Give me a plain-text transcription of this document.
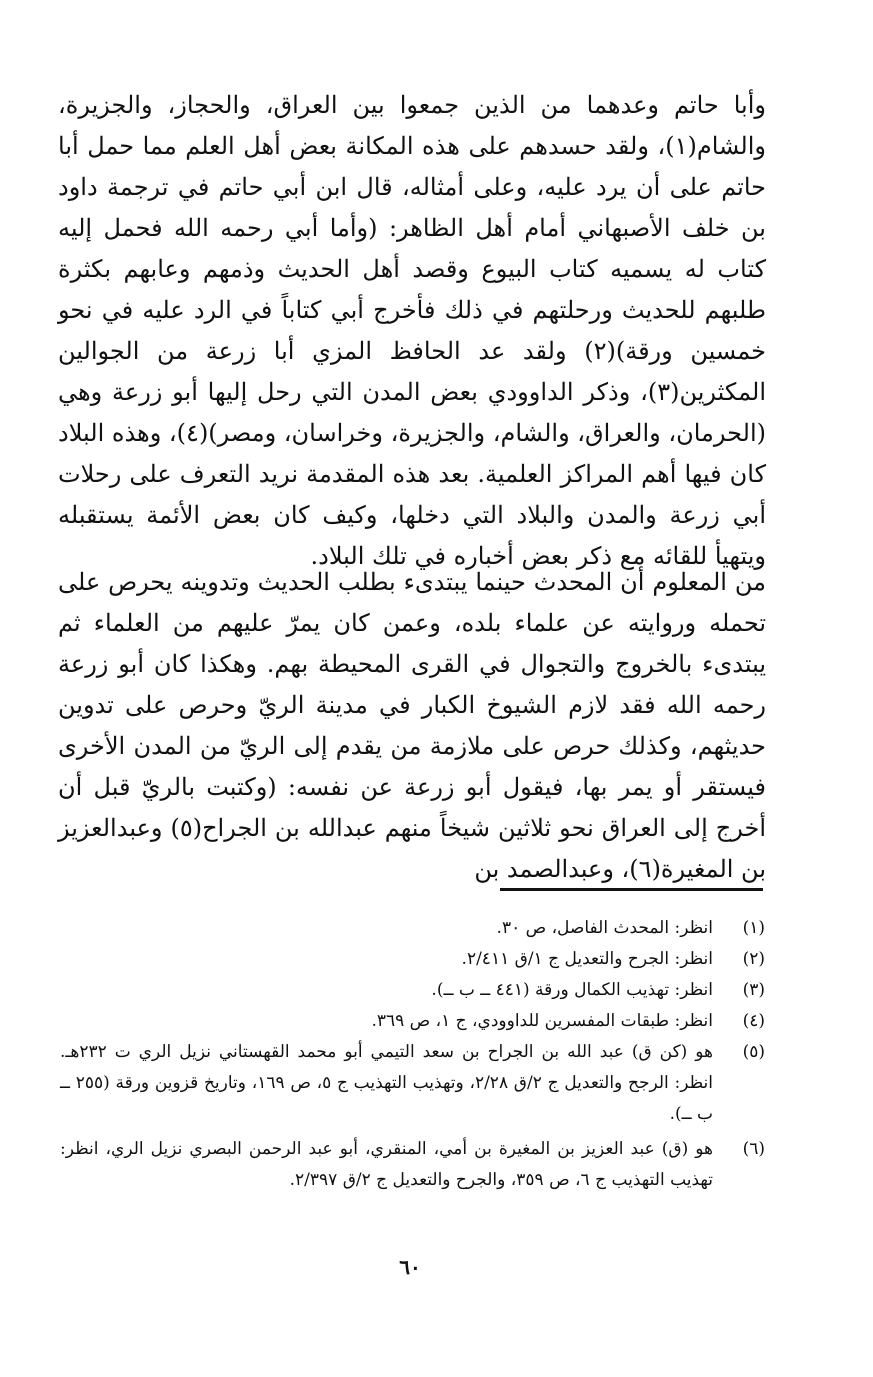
وأبا حاتم وعدهما من الذين جمعوا بين العراق، والحجاز، والجزيرة، والشام(١)، ولقد حسدهم على هذه المكانة بعض أهل العلم مما حمل أبا حاتم على أن يرد عليه، وعلى أمثاله، قال ابن أبي حاتم في ترجمة داود بن خلف الأصبهاني أمام أهل الظاهر: (وأما أبي رحمه الله فحمل إليه كتاب له يسميه كتاب البيوع وقصد أهل الحديث وذمهم وعابهم بكثرة طلبهم للحديث ورحلتهم في ذلك فأخرج أبي كتاباً في الرد عليه في نحو خمسين ورقة)(٢) ولقد عد الحافظ المزي أبا زرعة من الجوالين المكثرين(٣)، وذكر الداوودي بعض المدن التي رحل إليها أبو زرعة وهي (الحرمان، والعراق، والشام، والجزيرة، وخراسان، ومصر)(٤)، وهذه البلاد كان فيها أهم المراكز العلمية. بعد هذه المقدمة نريد التعرف على رحلات أبي زرعة والمدن والبلاد التي دخلها، وكيف كان بعض الأئمة يستقبله ويتهيأ للقائه مع ذكر بعض أخباره في تلك البلاد.

من المعلوم أن المحدث حينما يبتدىء بطلب الحديث وتدوينه يحرص على تحمله وروايته عن علماء بلده، وعمن كان يمرّ عليهم من العلماء ثم يبتدىء بالخروج والتجوال في القرى المحيطة بهم. وهكذا كان أبو زرعة رحمه الله فقد لازم الشيوخ الكبار في مدينة الريّ وحرص على تدوين حديثهم، وكذلك حرص على ملازمة من يقدم إلى الريّ من المدن الأخرى فيستقر أو يمر بها، فيقول أبو زرعة عن نفسه: (وكتبت بالريّ قبل أن أخرج إلى العراق نحو ثلاثين شيخاً منهم عبدالله بن الجراح(٥) وعبدالعزيز بن المغيرة(٦)، وعبدالصمد بن

(١)
انظر: المحدث الفاصل، ص ٣٠.
(٢)
انظر: الجرح والتعديل ج ١/ق ٢/٤١١.
(٣)
انظر: تهذيب الكمال ورقة (٤٤١ ــ ب ــ).
(٤)
انظر: طبقات المفسرين للداوودي، ج ١، ص ٣٦٩.
(٥)
هو (كن ق) عبد الله بن الجراح بن سعد التيمي أبو محمد القهستاني نزيل الري ت ٢٣٢هـ. انظر: الرجح والتعديل ج ٢/ق ٢/٢٨، وتهذيب التهذيب ج ٥، ص ١٦٩، وتاريخ قزوين ورقة (٢٥٥ ــ ب ــ).
(٦)
هو (ق) عبد العزيز بن المغيرة بن أمي، المنقري، أبو عبد الرحمن البصري نزيل الري، انظر: تهذيب التهذيب ج ٦، ص ٣٥٩، والجرح والتعديل ج ٢/ق ٢/٣٩٧.
٦٠
